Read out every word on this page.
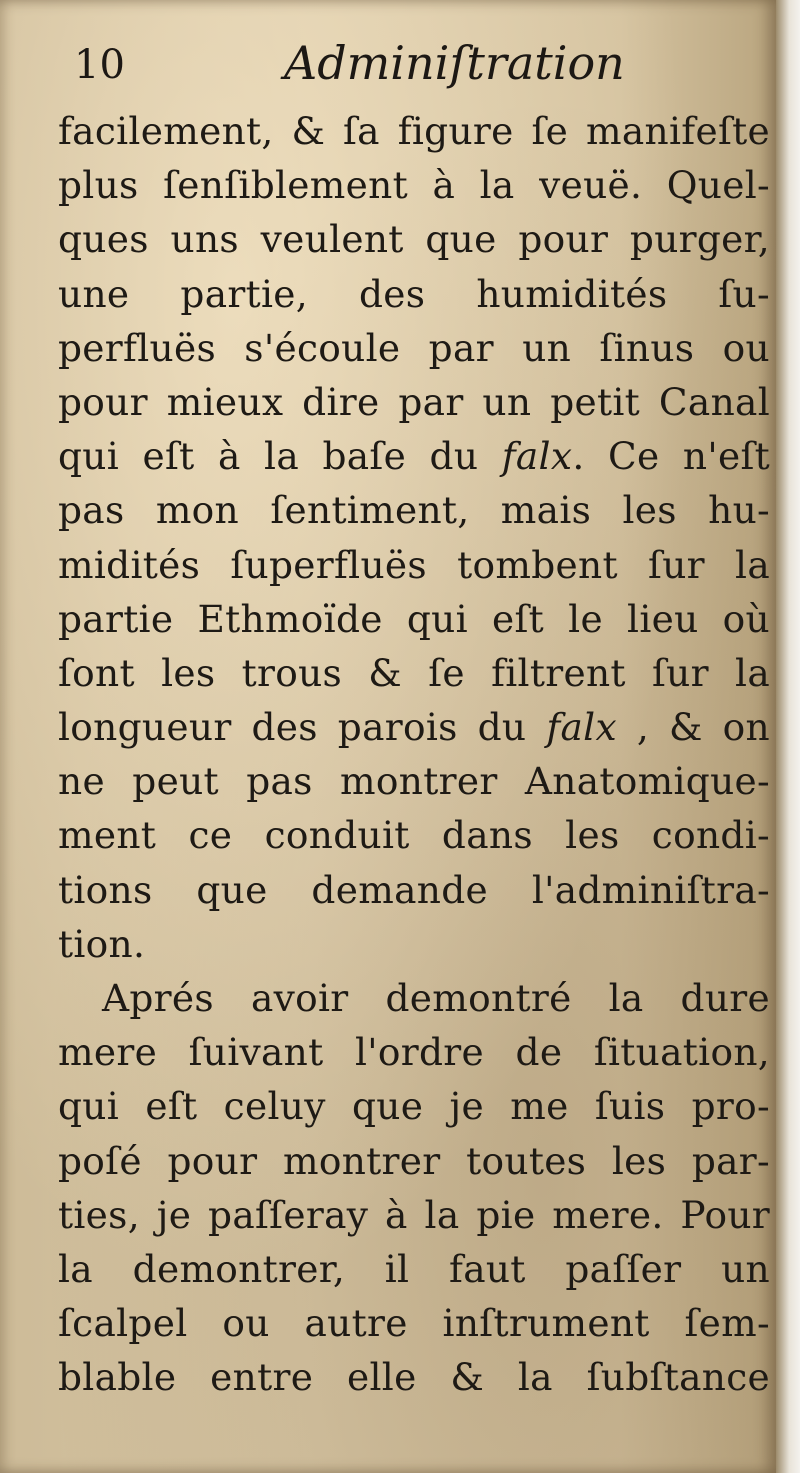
10	Adminiſtration
facilement, & ſa figure ſe manifeſte
plus ſenſiblement à la veuë. Quel-
ques uns veulent que pour purger,
une partie, des humidités ſu-
perfluës s'écoule par un ſinus ou
pour mieux dire par un petit Canal
qui eſt à la baſe du falx. Ce n'eſt
pas mon ſentiment, mais les hu-
midités ſuperfluës tombent ſur la
partie Ethmoïde qui eſt le lieu où
ſont les trous & ſe filtrent ſur la
longueur des parois du falx , & on
ne peut pas montrer Anatomique-
ment ce conduit dans les condi-
tions que demande l'adminiſtra-
tion.
Aprés avoir demontré la dure
mere ſuivant l'ordre de ſituation,
qui eſt celuy que je me ſuis pro-
poſé pour montrer toutes les par-
ties, je paſſeray à la pie mere. Pour
la demontrer, il faut paſſer un
ſcalpel ou autre inſtrument ſem-
blable entre elle & la ſubſtance
